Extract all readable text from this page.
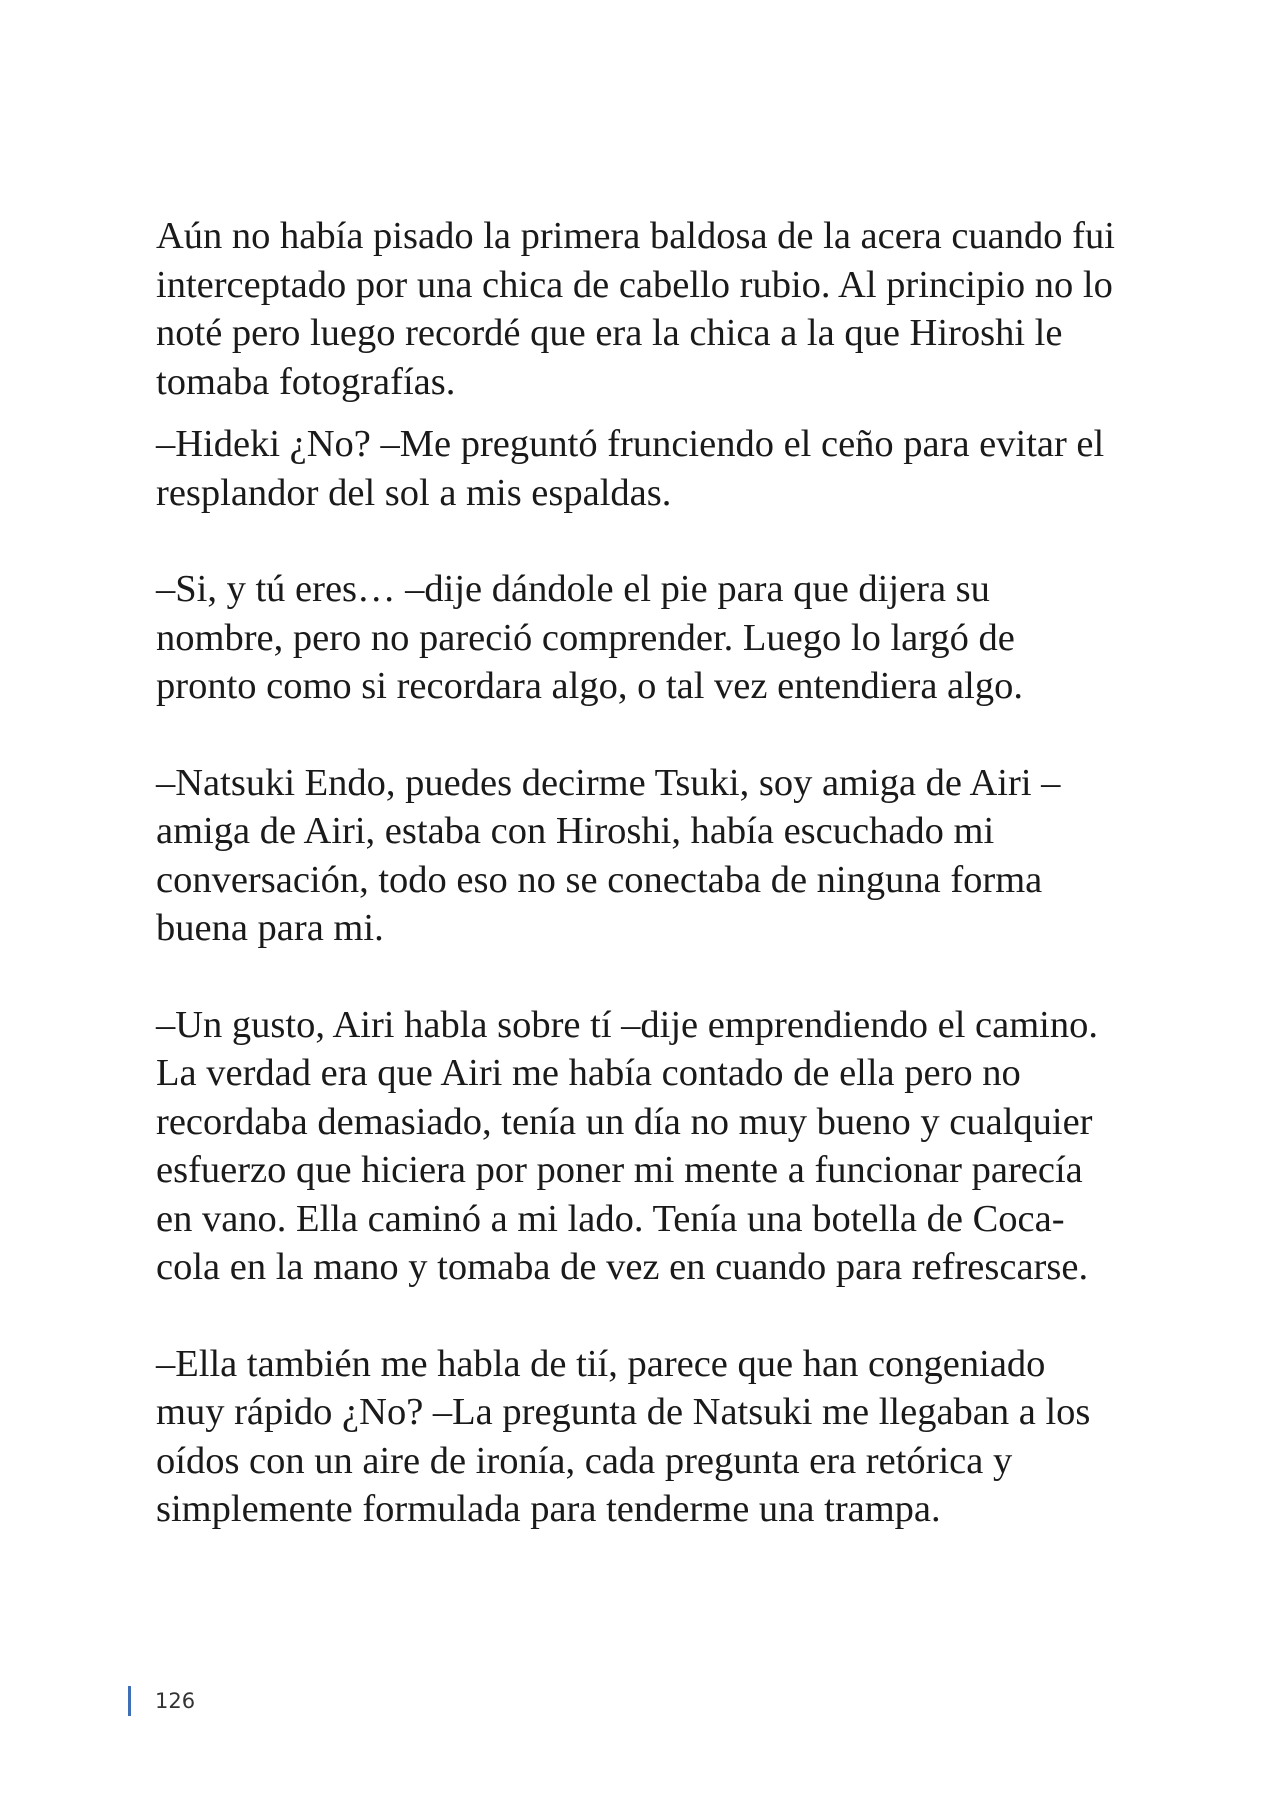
Aún no había pisado la primera baldosa de la acera cuando fui
interceptado por una chica de cabello rubio. Al principio no lo
noté pero luego recordé que era la chica a la que Hiroshi le
tomaba fotografías.

–Hideki ¿No? –Me preguntó frunciendo el ceño para evitar el
resplandor del sol a mis espaldas.

–Si, y tú eres… –dije dándole el pie para que dijera su
nombre, pero no pareció comprender. Luego lo largó de
pronto como si recordara algo, o tal vez entendiera algo.

–Natsuki Endo, puedes decirme Tsuki, soy amiga de Airi –
amiga de Airi, estaba con Hiroshi, había escuchado mi
conversación, todo eso no se conectaba de ninguna forma
buena para mi.

–Un gusto, Airi habla sobre tí –dije emprendiendo el camino.
La verdad era que Airi me había contado de ella pero no
recordaba demasiado, tenía un día no muy bueno y cualquier
esfuerzo que hiciera por poner mi mente a funcionar parecía
en vano. Ella caminó a mi lado. Tenía una botella de Coca-
cola en la mano y tomaba de vez en cuando para refrescarse.

–Ella también me habla de tií, parece que han congeniado
muy rápido ¿No? –La pregunta de Natsuki me llegaban a los
oídos con un aire de ironía, cada pregunta era retórica y
simplemente formulada para tenderme una trampa.

126
